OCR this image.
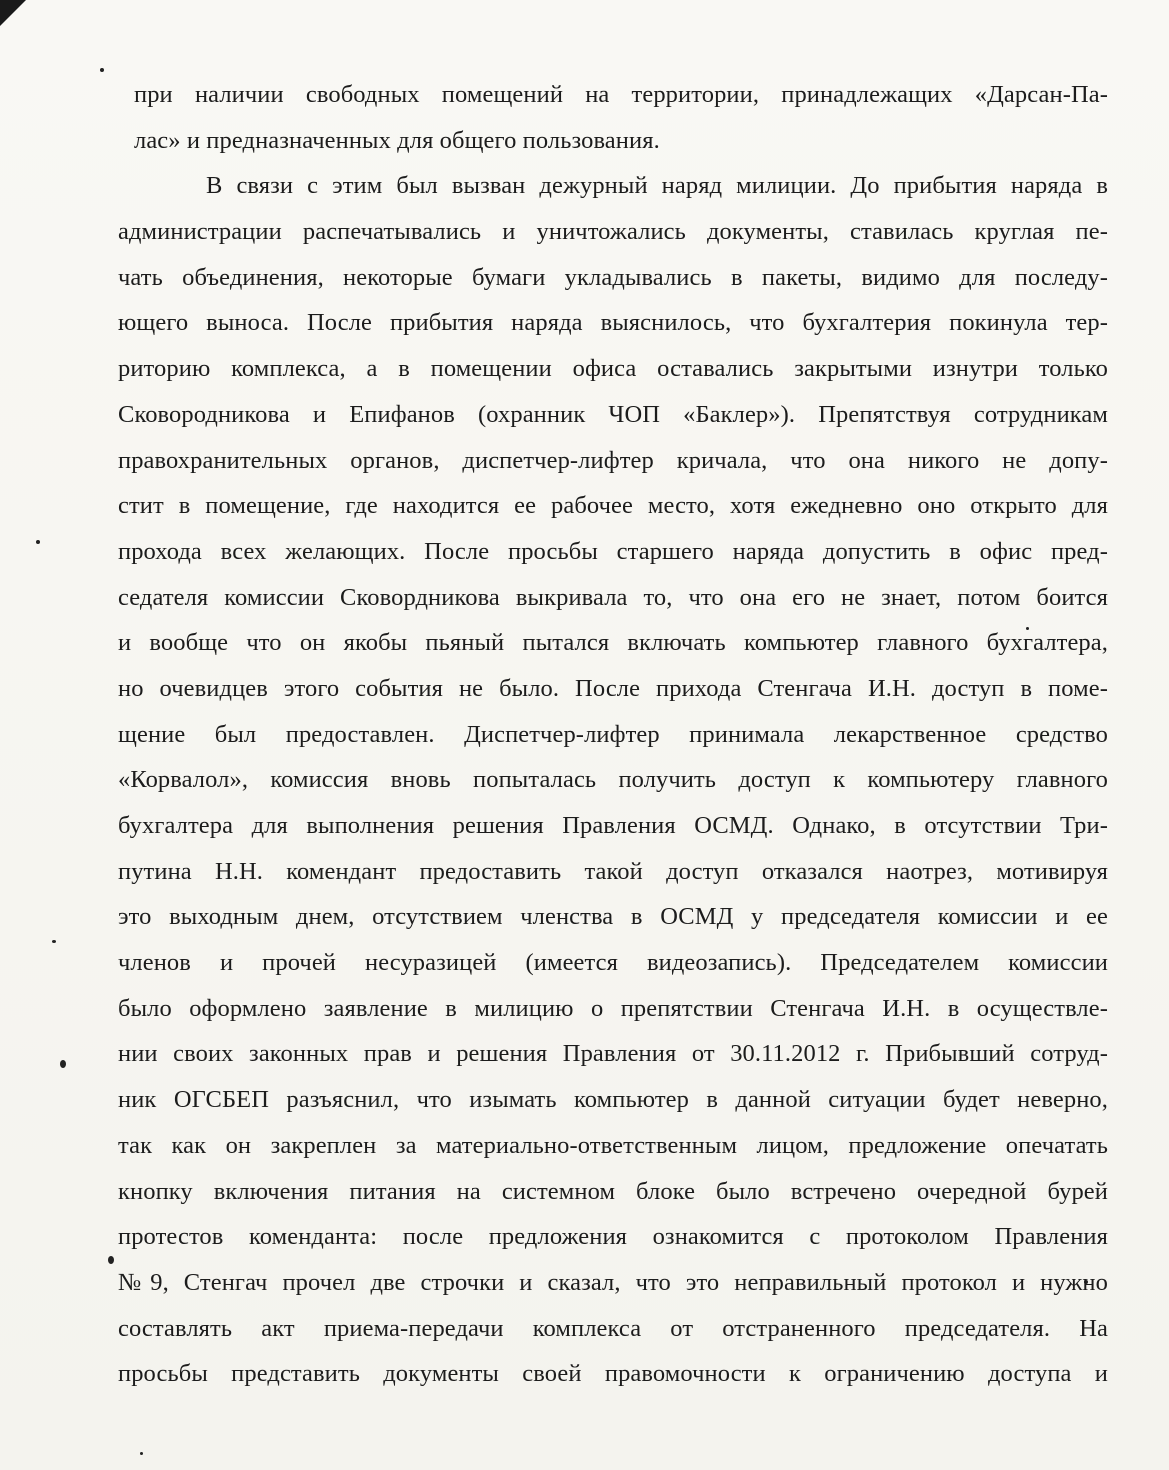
при наличии свободных помещений на территории, принадлежащих «Дарсан-Па-
лас» и предназначенных для общего пользования.
В связи с этим был вызван дежурный наряд милиции. До прибытия наряда в
администрации распечатывались и уничтожались документы, ставилась круглая пе-
чать объединения, некоторые бумаги укладывались в пакеты, видимо для последу-
ющего выноса. После прибытия наряда выяснилось, что бухгалтерия покинула тер-
риторию комплекса, а в помещении офиса оставались закрытыми изнутри только
Сковородникова и Епифанов (охранник ЧОП «Баклер»). Препятствуя сотрудникам
правохранительных органов, диспетчер-лифтер кричала, что она никого не допу-
стит в помещение, где находится ее рабочее место, хотя ежедневно оно открыто для
прохода всех желающих. После просьбы старшего наряда допустить в офис пред-
седателя комиссии Сковордникова выкривала то, что она его не знает, потом боится
и вообще что он якобы пьяный пытался включать компьютер главного бухгалтера,
но очевидцев этого события не было. После прихода Стенгача И.Н. доступ в поме-
щение был предоставлен. Диспетчер-лифтер принимала лекарственное средство
«Корвалол», комиссия вновь попыталась получить доступ к компьютеру главного
бухгалтера для выполнения решения Правления ОСМД. Однако, в отсутствии Три-
путина Н.Н. комендант предоставить такой доступ отказался наотрез, мотивируя
это выходным днем, отсутствием членства в ОСМД у председателя комиссии и ее
членов и прочей несуразицей (имеется видеозапись). Председателем комиссии
было оформлено заявление в милицию о препятствии Стенгача И.Н. в осуществле-
нии своих законных прав и решения Правления от 30.11.2012 г. Прибывший сотруд-
ник ОГСБЕП разъяснил, что изымать компьютер в данной ситуации будет неверно,
так как он закреплен за материально-ответственным лицом, предложение опечатать
кнопку включения питания на системном блоке было встречено очередной бурей
протестов коменданта: после предложения ознакомится с протоколом Правления
№9, Стенгач прочел две строчки и сказал, что это неправильный протокол и нужно
составлять акт приема-передачи комплекса от отстраненного председателя. На
просьбы представить документы своей правомочности к ограничению доступа и
